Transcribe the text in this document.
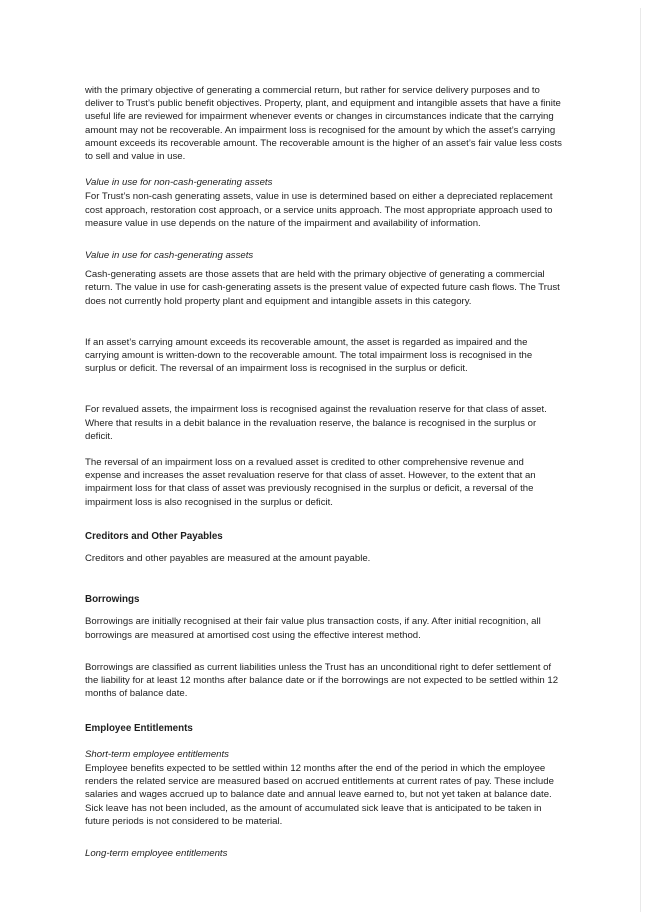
with the primary objective of generating a commercial return, but rather for service delivery purposes and to deliver to Trust’s public benefit objectives. Property, plant, and equipment and intangible assets that have a finite useful life are reviewed for impairment whenever events or changes in circumstances indicate that the carrying amount may not be recoverable. An impairment loss is recognised for the amount by which the asset’s carrying amount exceeds its recoverable amount. The recoverable amount is the higher of an asset’s fair value less costs to sell and value in use.
Value in use for non-cash-generating assets
For Trust’s non-cash generating assets, value in use is determined based on either a depreciated replacement cost approach, restoration cost approach, or a service units approach. The most appropriate approach used to measure value in use depends on the nature of the impairment and availability of information.
Value in use for cash-generating assets
Cash-generating assets are those assets that are held with the primary objective of generating a commercial return. The value in use for cash-generating assets is the present value of expected future cash flows. The Trust does not currently hold property plant and equipment and intangible assets in this category.
If an asset’s carrying amount exceeds its recoverable amount, the asset is regarded as impaired and the carrying amount is written-down to the recoverable amount. The total impairment loss is recognised in the surplus or deficit. The reversal of an impairment loss is recognised in the surplus or deficit.
For revalued assets, the impairment loss is recognised against the revaluation reserve for that class of asset. Where that results in a debit balance in the revaluation reserve, the balance is recognised in the surplus or deficit.
The reversal of an impairment loss on a revalued asset is credited to other comprehensive revenue and expense and increases the asset revaluation reserve for that class of asset. However, to the extent that an impairment loss for that class of asset was previously recognised in the surplus or deficit, a reversal of the impairment loss is also recognised in the surplus or deficit.
Creditors and Other Payables
Creditors and other payables are measured at the amount payable.
Borrowings
Borrowings are initially recognised at their fair value plus transaction costs, if any. After initial recognition, all borrowings are measured at amortised cost using the effective interest method.
Borrowings are classified as current liabilities unless the Trust has an unconditional right to defer settlement of the liability for at least 12 months after balance date or if the borrowings are not expected to be settled within 12 months of balance date.
Employee Entitlements
Short-term employee entitlements
Employee benefits expected to be settled within 12 months after the end of the period in which the employee renders the related service are measured based on accrued entitlements at current rates of pay. These include salaries and wages accrued up to balance date and annual leave earned to, but not yet taken at balance date. Sick leave has not been included, as the amount of accumulated sick leave that is anticipated to be taken in future periods is not considered to be material.
Long-term employee entitlements
